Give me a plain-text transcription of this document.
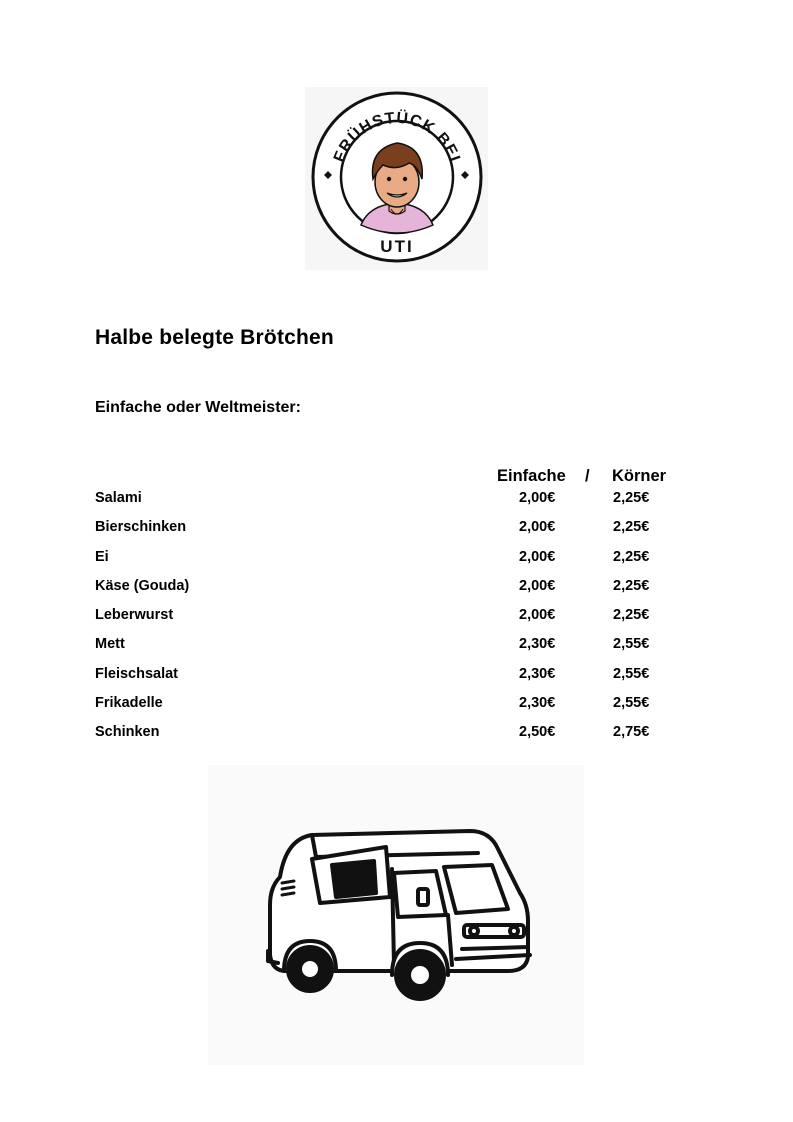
FRÜHSTÜCK BEI
UTI
Halbe belegte Brötchen
Einfache oder Weltmeister:
Einfache / Körner
Salami	2,00€	2,25€
Bierschinken	2,00€	2,25€
Ei	2,00€	2,25€
Käse (Gouda)	2,00€	2,25€
Leberwurst	2,00€	2,25€
Mett	2,30€	2,55€
Fleischsalat	2,30€	2,55€
Frikadelle	2,30€	2,55€
Schinken	2,50€	2,75€
